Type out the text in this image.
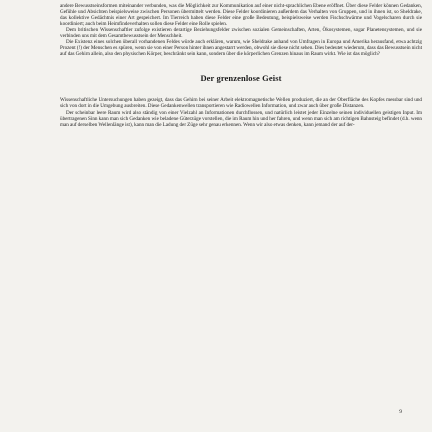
andere Bewusstseinsformen miteinander verbunden, was die Möglichkeit zur Kommunikation auf einer nicht-sprachlichen Ebene eröffnet. Über diese Felder können Gedanken, Gefühle und Absichten beispielsweise zwischen Personen übermittelt werden. Diese Felder koordinieren außerdem das Verhalten von Gruppen, und in ihnen ist, so Sheldrake, das kollektive Gedächtnis einer Art gespeichert. Im Tierreich haben diese Felder eine große Bedeutung, beispielsweise werden Fischschwärme und Vogelscharen durch sie koordiniert; auch beim Heimfindeverhalten sollen diese Felder eine Rolle spielen.

Dem britischen Wissenschaftler zufolge existieren derartige Beziehungsfelder zwischen sozialen Gemeinschaften, Arten, Ökosystemen, sogar Planetensystemen, und sie verbinden uns mit dem Gesamtbewusstsein der Menschheit.

Die Existenz eines solchen überall vorhandenen Feldes würde auch erklären, warum, wie Sheldrake anhand von Umfragen in Europa und Amerika herausfand, etwa achtzig Prozent (!) der Menschen es spüren, wenn sie von einer Person hinter ihnen angestarrt werden, obwohl sie diese nicht sehen. Dies bedeutet wiederum, dass das Bewusstsein nicht auf das Gehirn allein, also den physischen Körper, beschränkt sein kann, sondern über die körperlichen Grenzen hinaus im Raum wirkt. Wie ist das möglich?

Der grenzenlose Geist

Wissenschaftliche Untersuchungen haben gezeigt, dass das Gehirn bei seiner Arbeit elektromagnetische Wellen produziert, die an der Oberfläche des Kopfes messbar sind und sich von dort in die Umgebung ausbreiten. Diese Gedankenwellen transportieren wie Radiowellen Information, und zwar auch über große Distanzen.

Der scheinbar leere Raum wird also ständig von einer Vielzahl an Informationen durchflossen, und natürlich leistet jeder Einzelne seinen individuellen geistigen Input. Im übertragenen Sinn kann man sich Gedanken wie beladene Güterzüge vorstellen, die im Raum hin und her fahren, und wenn man sich am richtigen Bahnsteig befindet (d.h. wenn man auf derselben Wellenlänge ist), kann man die Ladung der Züge sehr genau erkennen. Wenn wir also etwas denken, kann jemand der auf der-

9
